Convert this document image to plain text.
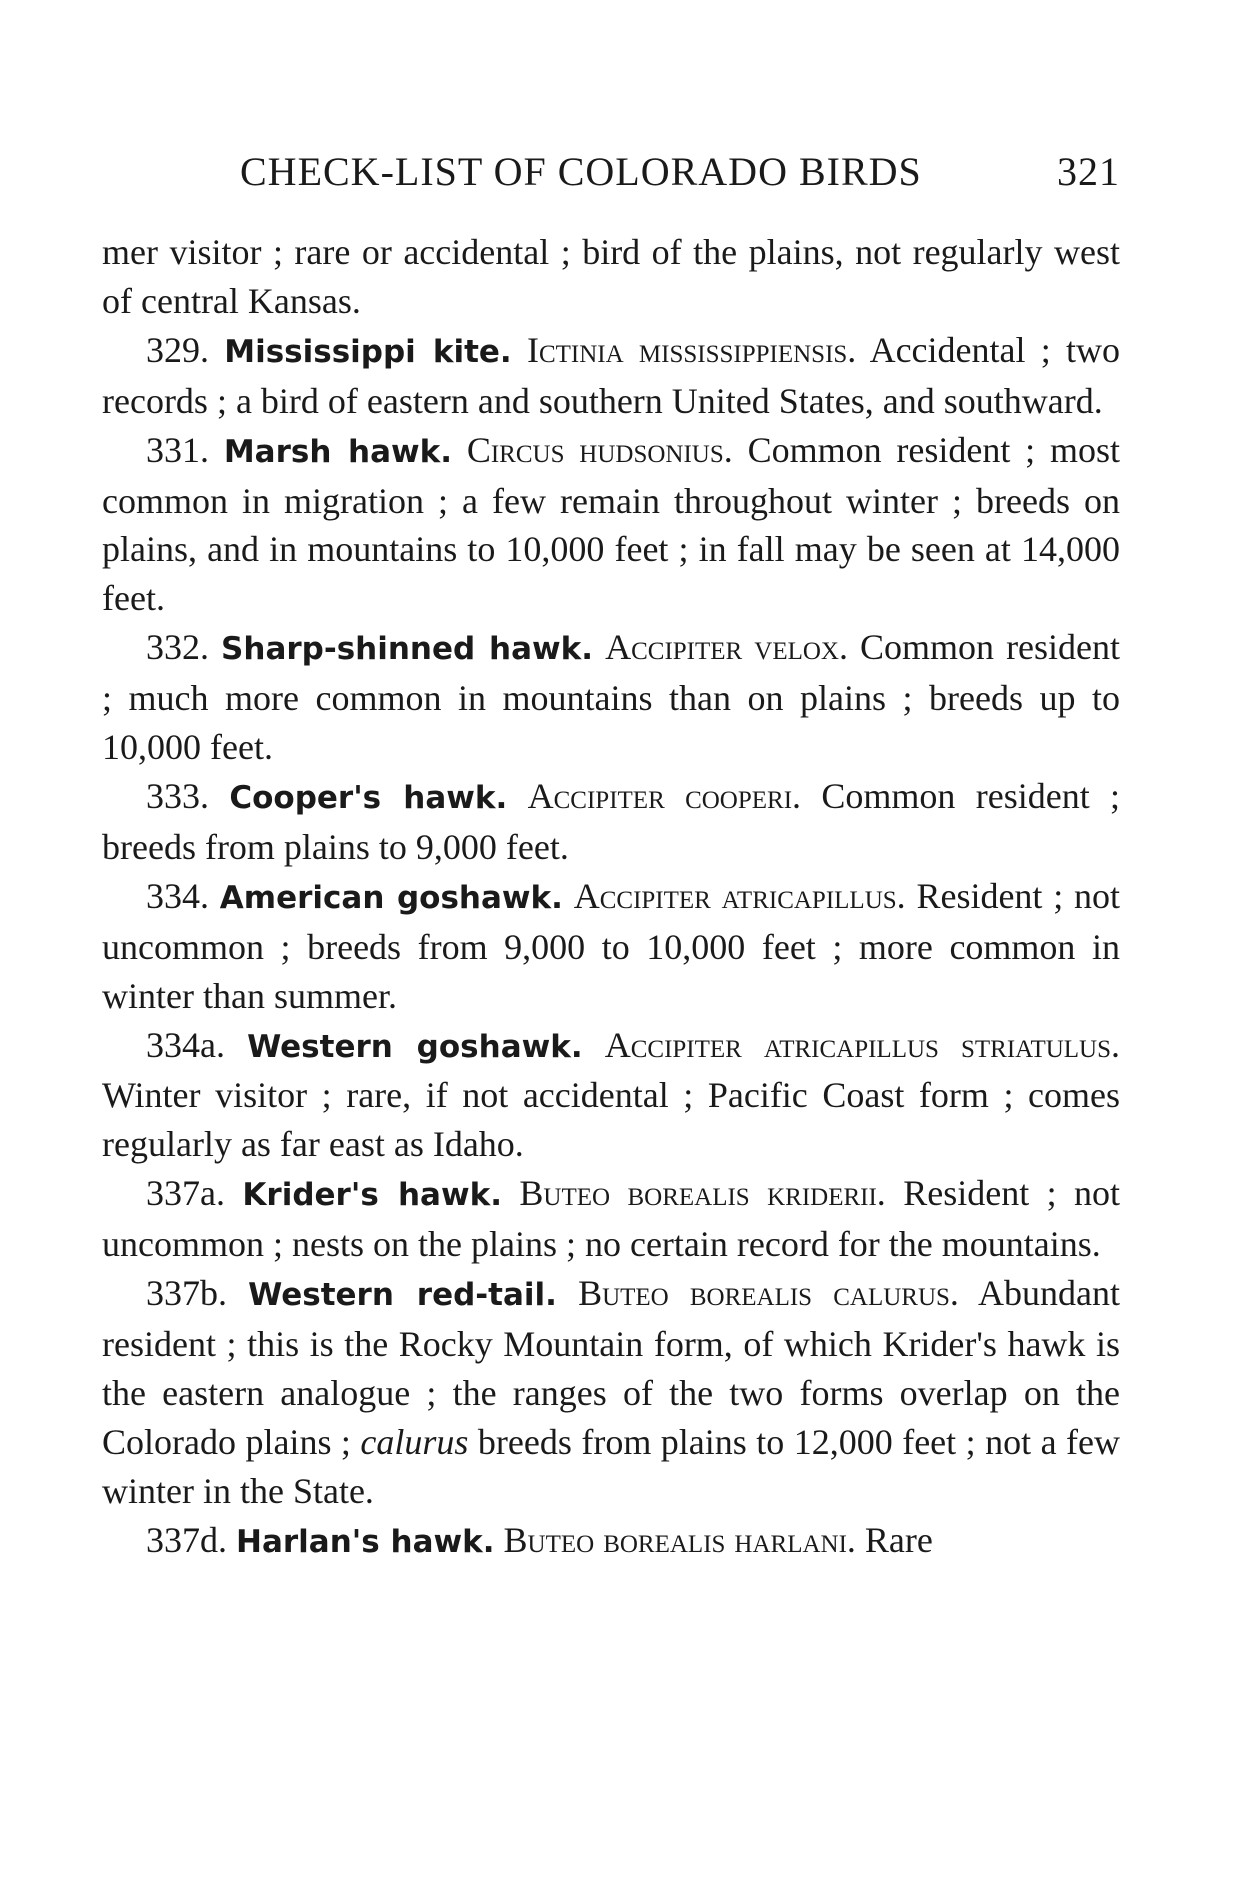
CHECK-LIST OF COLORADO BIRDS	321

mer visitor ; rare or accidental ; bird of the plains, not regularly west of central Kansas.

329. Mississippi kite. Ictinia mississippiensis. Accidental ; two records ; a bird of eastern and southern United States, and southward.

331. Marsh hawk. Circus hudsonius. Common resident ; most common in migration ; a few remain throughout winter ; breeds on plains, and in mountains to 10,000 feet ; in fall may be seen at 14,000 feet.

332. Sharp-shinned hawk. Accipiter velox. Common resident ; much more common in mountains than on plains ; breeds up to 10,000 feet.

333. Cooper's hawk. Accipiter cooperi. Common resident ; breeds from plains to 9,000 feet.

334. American goshawk. Accipiter atricapillus. Resident ; not uncommon ; breeds from 9,000 to 10,000 feet ; more common in winter than summer.

334a. Western goshawk. Accipiter atricapillus striatulus. Winter visitor ; rare, if not accidental ; Pacific Coast form ; comes regularly as far east as Idaho.

337a. Krider's hawk. Buteo borealis kriderii. Resident ; not uncommon ; nests on the plains ; no certain record for the mountains.

337b. Western red-tail. Buteo borealis calurus. Abundant resident ; this is the Rocky Mountain form, of which Krider's hawk is the eastern analogue ; the ranges of the two forms overlap on the Colorado plains ; calurus breeds from plains to 12,000 feet ; not a few winter in the State.

337d. Harlan's hawk. Buteo borealis harlani. Rare
